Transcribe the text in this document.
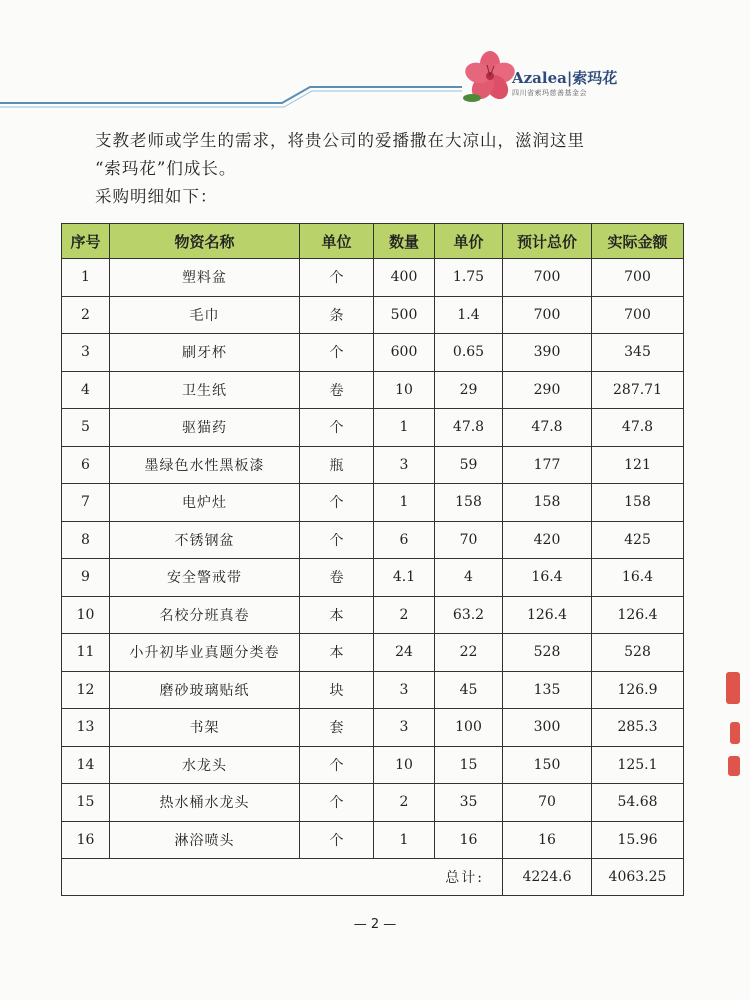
Azalea|索玛花
四川省索玛慈善基金会

支教老师或学生的需求，将贵公司的爱播撒在大凉山，滋润这里

“索玛花”们成长。

采购明细如下：

序号	物资名称	单位	数量	单价	预计总价	实际金额
1	塑料盆	个	400	1.75	700	700
2	毛巾	条	500	1.4	700	700
3	刷牙杯	个	600	0.65	390	345
4	卫生纸	卷	10	29	290	287.71
5	驱猫药	个	1	47.8	47.8	47.8
6	墨绿色水性黑板漆	瓶	3	59	177	121
7	电炉灶	个	1	158	158	158
8	不锈钢盆	个	6	70	420	425
9	安全警戒带	卷	4.1	4	16.4	16.4
10	名校分班真卷	本	2	63.2	126.4	126.4
11	小升初毕业真题分类卷	本	24	22	528	528
12	磨砂玻璃贴纸	块	3	45	135	126.9
13	书架	套	3	100	300	285.3
14	水龙头	个	10	15	150	125.1
15	热水桶水龙头	个	2	35	70	54.68
16	淋浴喷头	个	1	16	16	15.96
总计:					4224.6	4063.25
— 2 —
